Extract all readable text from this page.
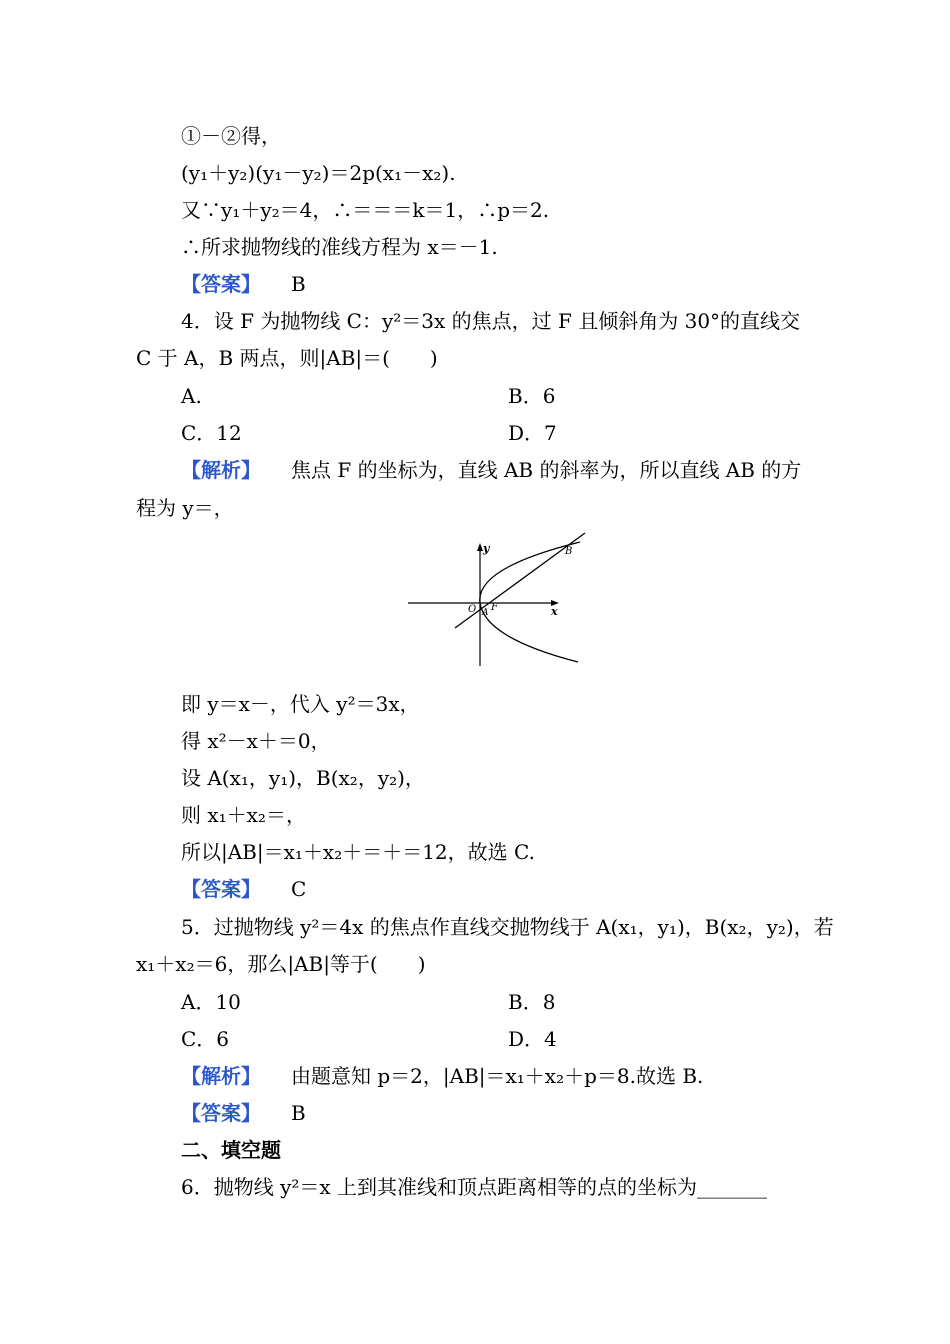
①－②得，
(y₁＋y₂)(y₁－y₂)＝2p(x₁－x₂).
又∵y₁＋y₂＝4，∴＝＝＝k＝1，∴p＝2.
∴所求抛物线的准线方程为 x＝－1.
【答案】 B
4．设 F 为抛物线 C：y²＝3x 的焦点，过 F 且倾斜角为 30°的直线交
C 于 A，B 两点，则|AB|＝(　　)
A.	B．6
C．12	D．7
【解析】 焦点 F 的坐标为，直线 AB 的斜率为，所以直线 AB 的方
程为 y＝，
y
x
O A F
B
即 y＝x－，代入 y²＝3x，
得 x²－x＋＝0，
设 A(x₁，y₁)，B(x₂，y₂)，
则 x₁＋x₂＝，
所以|AB|＝x₁＋x₂＋＝＋＝12，故选 C.
【答案】 C
5．过抛物线 y²＝4x 的焦点作直线交抛物线于 A(x₁，y₁)，B(x₂，y₂)，若
x₁＋x₂＝6，那么|AB|等于(　　)
A．10	B．8
C．6	D．4
【解析】 由题意知 p＝2，|AB|＝x₁＋x₂＋p＝8.故选 B.
【答案】 B
二、填空题
6．抛物线 y²＝x 上到其准线和顶点距离相等的点的坐标为_______
